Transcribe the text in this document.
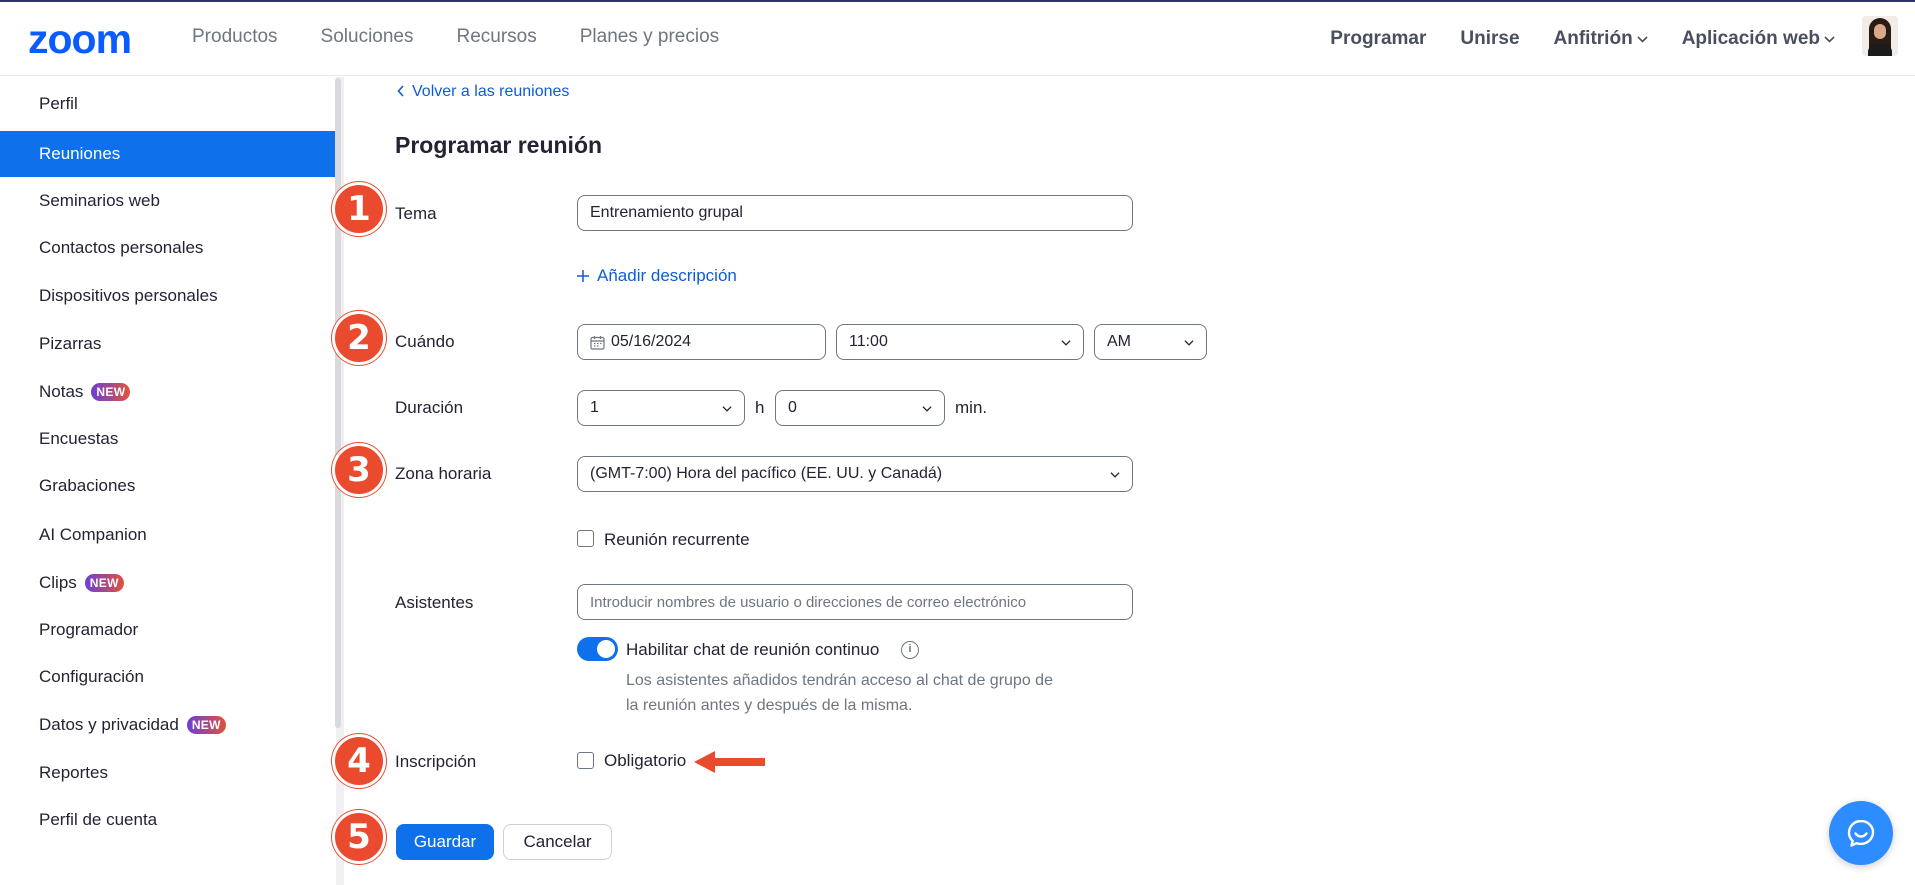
zoom	Productos Soluciones Recursos Planes y precios	Programar Unirse Anfitrión	Aplicación web
Perfil
Reuniones
Seminarios web
Contactos personales
Dispositivos personales
Pizarras
Notas	NEW
Encuestas
Grabaciones
AI Companion
Clips	NEW
Programador
Configuración
Datos y privacidad	NEW
Reportes
Perfil de cuenta
Volver a las reuniones
Programar reunión
Tema	Entrenamiento grupal
Añadir descripción
Cuándo	05/16/2024	11:00	AM
Duración	1	h 0	min.
Zona horaria	(GMT-7:00) Hora del pacífico (EE. UU. y Canadá)
Reunión recurrente
Asistentes	Introducir nombres de usuario o direcciones de correo electrónico
Habilitar chat de reunión continuo	i
Los asistentes añadidos tendrán acceso al chat de grupo de la reunión antes y después de la misma.
Inscripción	Obligatorio
Guardar	Cancelar
1
2
3
4
5
